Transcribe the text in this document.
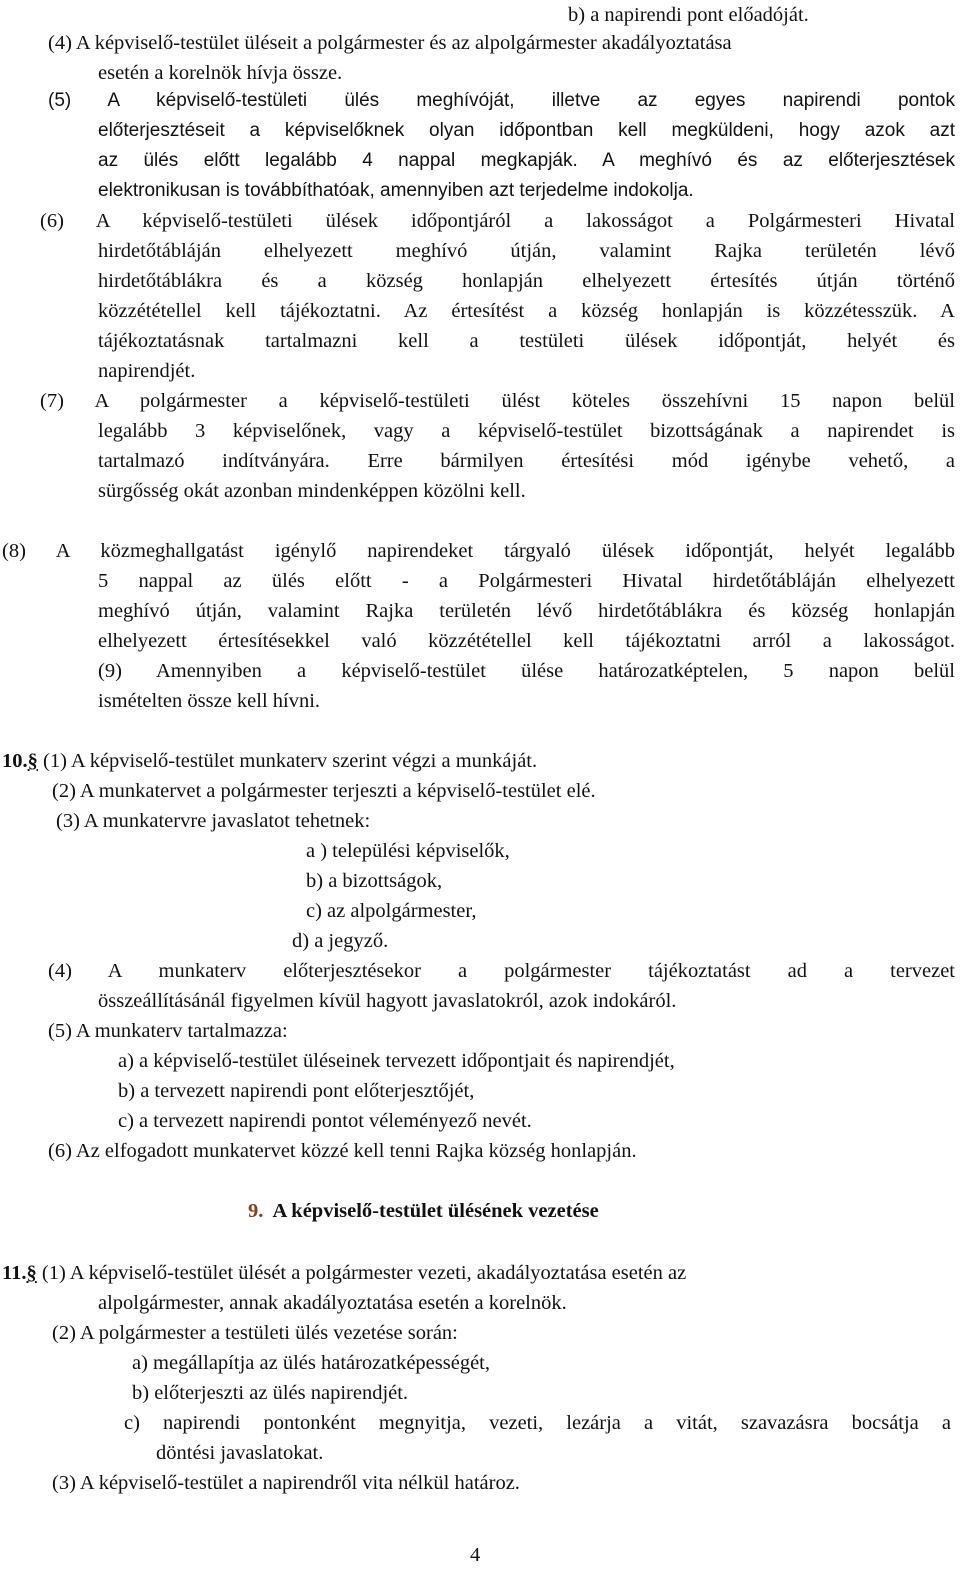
b) a napirendi pont előadóját.
(4) A képviselő-testület üléseit a polgármester és az alpolgármester akadályoztatása
esetén a korelnök hívja össze.
(5) A képviselő-testületi ülés meghívóját, illetve az egyes napirendi pontok
előterjesztéseit a képviselőknek olyan időpontban kell megküldeni, hogy azok azt
az ülés előtt legalább 4 nappal megkapják. A meghívó és az előterjesztések
elektronikusan is továbbíthatóak, amennyiben azt terjedelme indokolja.
(6) A képviselő-testületi ülések időpontjáról a lakosságot a Polgármesteri Hivatal
hirdetőtábláján elhelyezett meghívó útján, valamint Rajka területén lévő
hirdetőtáblákra és a község honlapján elhelyezett értesítés útján történő
közzététellel kell tájékoztatni. Az értesítést a község honlapján is közzétesszük. A
tájékoztatásnak tartalmazni kell a testületi ülések időpontját, helyét és
napirendjét.
(7) A polgármester a képviselő-testületi ülést köteles összehívni 15 napon belül
legalább 3 képviselőnek, vagy a képviselő-testület bizottságának a napirendet is
tartalmazó indítványára. Erre bármilyen értesítési mód igénybe vehető, a
sürgősség okát azonban mindenképpen közölni kell.
(8) A közmeghallgatást igénylő napirendeket tárgyaló ülések időpontját, helyét legalább
5 nappal az ülés előtt - a Polgármesteri Hivatal hirdetőtábláján elhelyezett
meghívó útján, valamint Rajka területén lévő hirdetőtáblákra és község honlapján
elhelyezett értesítésekkel való közzététellel kell tájékoztatni arról a lakosságot.
(9) Amennyiben a képviselő-testület ülése határozatképtelen, 5 napon belül
ismételten össze kell hívni.
10.§ (1) A képviselő-testület munkaterv szerint végzi a munkáját.
(2) A munkatervet a polgármester terjeszti a képviselő-testület elé.
(3) A munkatervre javaslatot tehetnek:
a ) települési képviselők,
b) a bizottságok,
c) az alpolgármester,
d) a jegyző.
(4) A munkaterv előterjesztésekor a polgármester tájékoztatást ad a tervezet
összeállításánál figyelmen kívül hagyott javaslatokról, azok indokáról.
(5) A munkaterv tartalmazza:
a) a képviselő-testület üléseinek tervezett időpontjait és napirendjét,
b) a tervezett napirendi pont előterjesztőjét,
c) a tervezett napirendi pontot véleményező nevét.
(6) Az elfogadott munkatervet közzé kell tenni Rajka község honlapján.
9. A képviselő-testület ülésének vezetése
11.§ (1) A képviselő-testület ülését a polgármester vezeti, akadályoztatása esetén az
alpolgármester, annak akadályoztatása esetén a korelnök.
(2) A polgármester a testületi ülés vezetése során:
a) megállapítja az ülés határozatképességét,
b) előterjeszti az ülés napirendjét.
c) napirendi pontonként megnyitja, vezeti, lezárja a vitát, szavazásra bocsátja a
döntési javaslatokat.
(3) A képviselő-testület a napirendről vita nélkül határoz.
4
